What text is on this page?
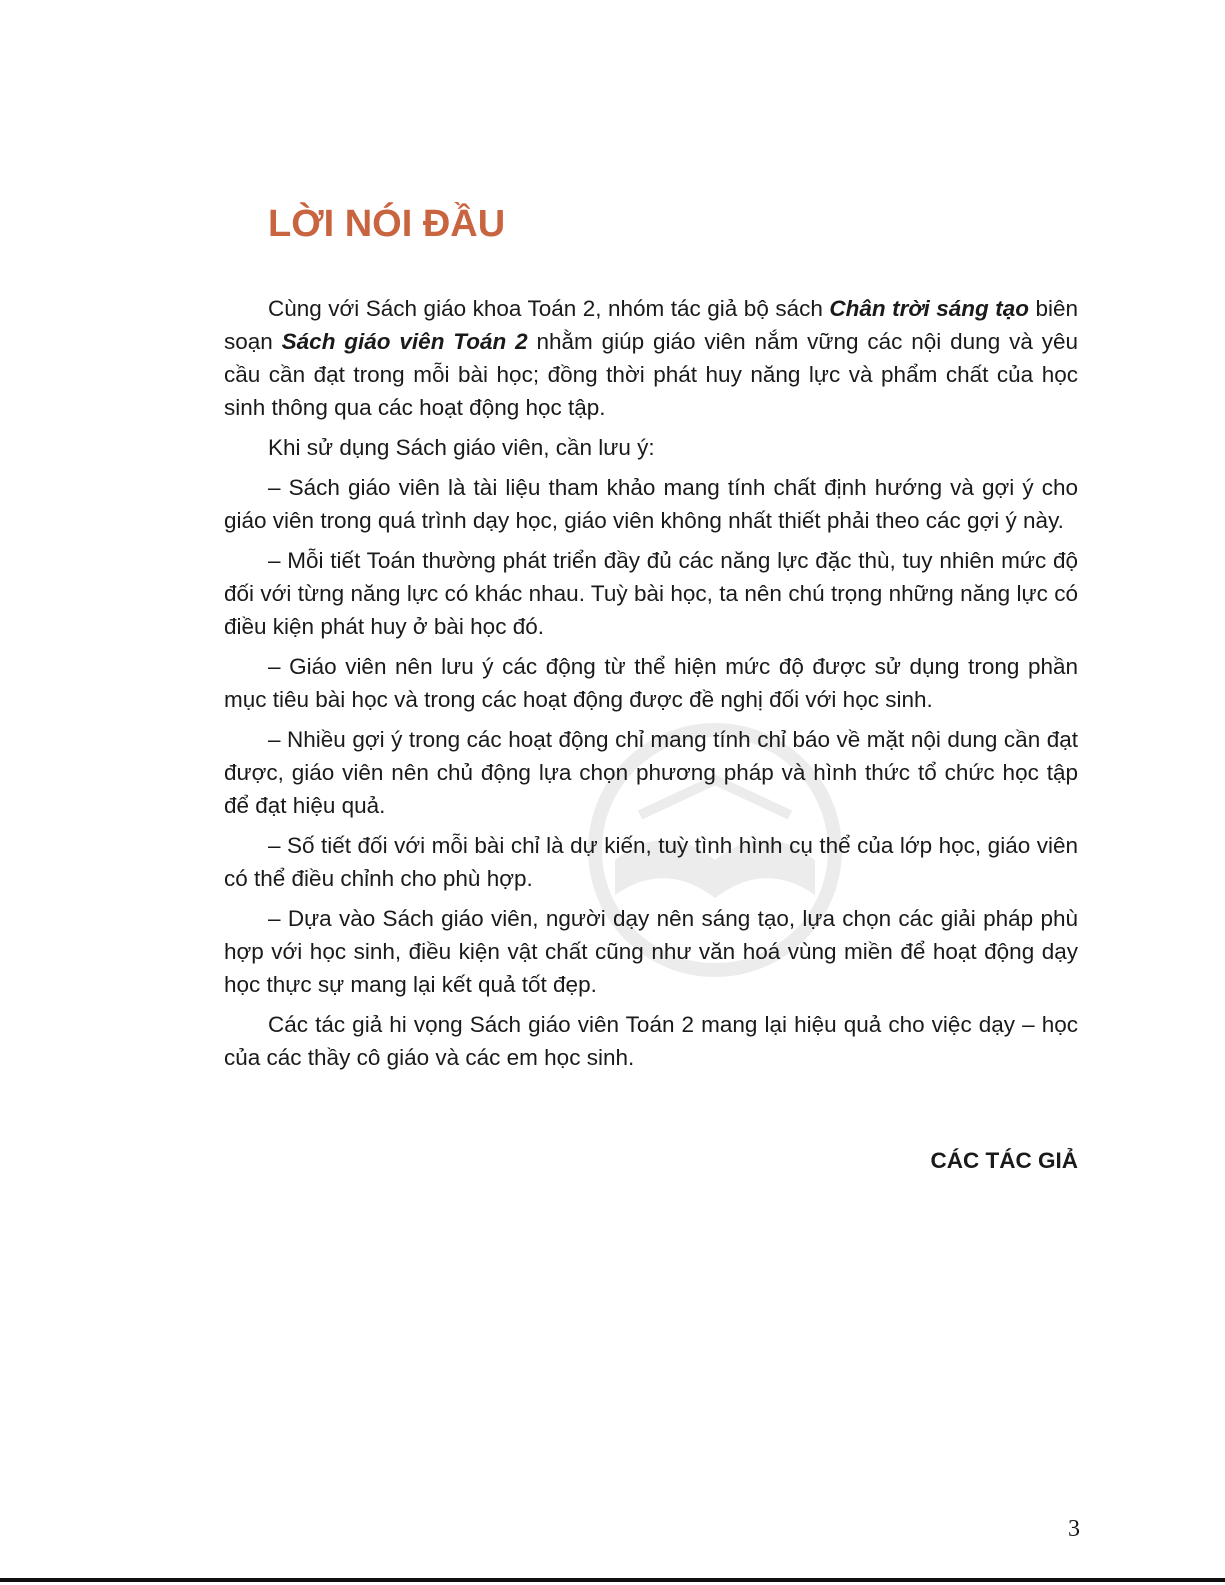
LỜI NÓI ĐẦU

Cùng với Sách giáo khoa Toán 2, nhóm tác giả bộ sách Chân trời sáng tạo biên soạn Sách giáo viên Toán 2 nhằm giúp giáo viên nắm vững các nội dung và yêu cầu cần đạt trong mỗi bài học; đồng thời phát huy năng lực và phẩm chất của học sinh thông qua các hoạt động học tập.

Khi sử dụng Sách giáo viên, cần lưu ý:

– Sách giáo viên là tài liệu tham khảo mang tính chất định hướng và gợi ý cho giáo viên trong quá trình dạy học, giáo viên không nhất thiết phải theo các gợi ý này.

– Mỗi tiết Toán thường phát triển đầy đủ các năng lực đặc thù, tuy nhiên mức độ đối với từng năng lực có khác nhau. Tuỳ bài học, ta nên chú trọng những năng lực có điều kiện phát huy ở bài học đó.

– Giáo viên nên lưu ý các động từ thể hiện mức độ được sử dụng trong phần mục tiêu bài học và trong các hoạt động được đề nghị đối với học sinh.

– Nhiều gợi ý trong các hoạt động chỉ mang tính chỉ báo về mặt nội dung cần đạt được, giáo viên nên chủ động lựa chọn phương pháp và hình thức tổ chức học tập để đạt hiệu quả.

– Số tiết đối với mỗi bài chỉ là dự kiến, tuỳ tình hình cụ thể của lớp học, giáo viên có thể điều chỉnh cho phù hợp.

– Dựa vào Sách giáo viên, người dạy nên sáng tạo, lựa chọn các giải pháp phù hợp với học sinh, điều kiện vật chất cũng như văn hoá vùng miền để hoạt động dạy học thực sự mang lại kết quả tốt đẹp.

Các tác giả hi vọng Sách giáo viên Toán 2 mang lại hiệu quả cho việc dạy – học của các thầy cô giáo và các em học sinh.

CÁC TÁC GIẢ

3
